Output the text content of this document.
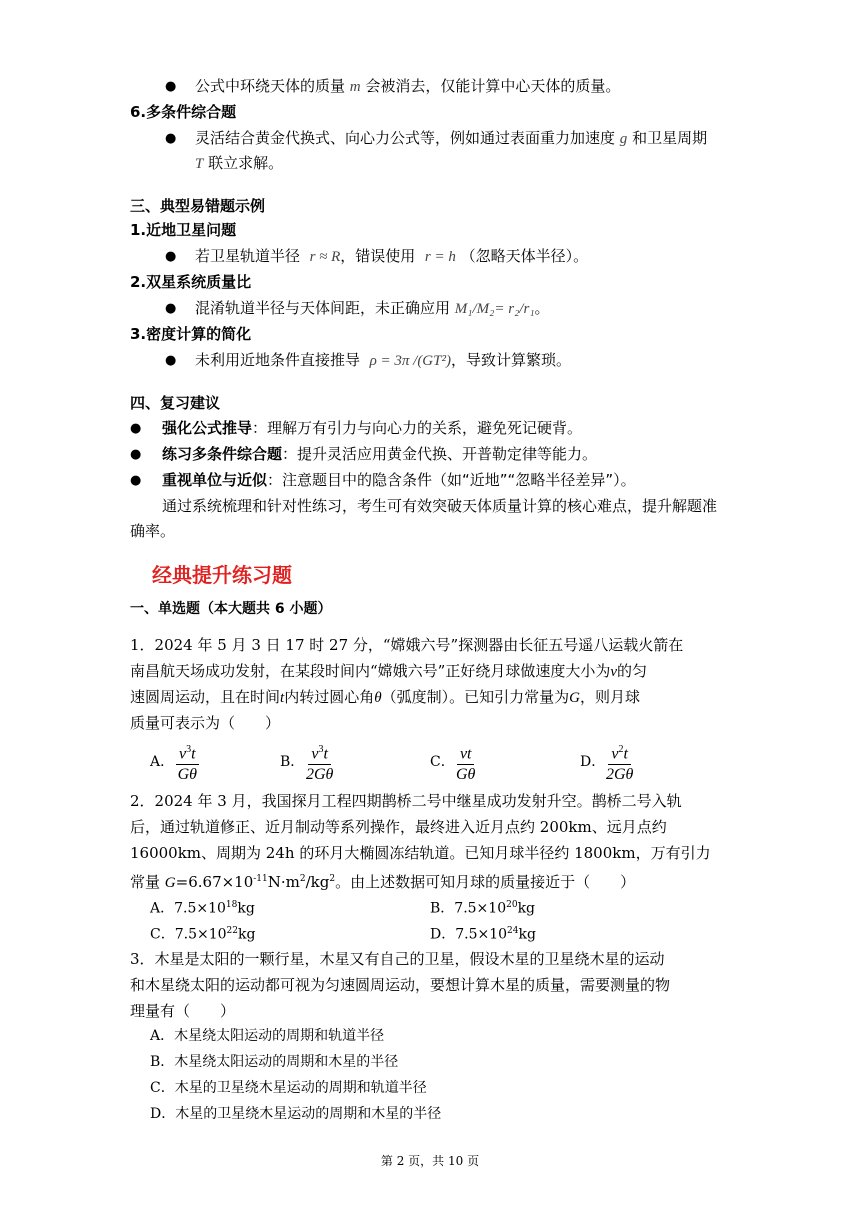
● 公式中环绕天体的质量 m 会被消去，仅能计算中心天体的质量。
6.多条件综合题
● 灵活结合黄金代换式、向心力公式等，例如通过表面重力加速度 g 和卫星周期
T 联立求解。
三、典型易错题示例
1.近地卫星问题
● 若卫星轨道半径 r ≈ R，错误使用 r = h （忽略天体半径）。
2.双星系统质量比
● 混淆轨道半径与天体间距，未正确应用 M₁/M₂= r₂/r₁。
3.密度计算的简化
● 未利用近地条件直接推导 ρ = 3π /(GT²)，导致计算繁琐。
四、复习建议
● 强化公式推导：理解万有引力与向心力的关系，避免死记硬背。
● 练习多条件综合题：提升灵活应用黄金代换、开普勒定律等能力。
● 重视单位与近似：注意题目中的隐含条件（如“近地”“忽略半径差异”）。
通过系统梳理和针对性练习，考生可有效突破天体质量计算的核心难点，提升解题准
确率。
经典提升练习题
一、单选题（本大题共 6 小题）
1．2024 年 5 月 3 日 17 时 27 分，“嫦娥六号”探测器由长征五号遥八运载火箭在
南昌航天场成功发射，在某段时间内“嫦娥六号”正好绕月球做速度大小为v的匀
速圆周运动，且在时间t内转过圆心角θ（弧度制）。已知引力常量为G，则月球
质量可表示为（　　）
A． $\frac{v^3t}{G\theta}$	B． $\frac{v^3t}{2G\theta}$	C． $\frac{vt}{G\theta}$	D． $\frac{v^2t}{2G\theta}$
2．2024 年 3 月，我国探月工程四期鹊桥二号中继星成功发射升空。鹊桥二号入轨
后，通过轨道修正、近月制动等系列操作，最终进入近月点约 200km、远月点约
16000km、周期为 24h 的环月大椭圆冻结轨道。已知月球半径约 1800km，万有引力
常量 $G=6.67\times 10^{-11}N\cdot m^2/kg^2$。由上述数据可知月球的质量接近于（　　）
A．$7.5\times 10^{18}kg$	B．$7.5\times 10^{20}kg$
C．$7.5\times 10^{22}kg$	D．$7.5\times 10^{24}kg$
3．木星是太阳的一颗行星，木星又有自己的卫星，假设木星的卫星绕木星的运动
和木星绕太阳的运动都可视为匀速圆周运动，要想计算木星的质量，需要测量的物
理量有（　　）
A．木星绕太阳运动的周期和轨道半径
B．木星绕太阳运动的周期和木星的半径
C．木星的卫星绕木星运动的周期和轨道半径
D．木星的卫星绕木星运动的周期和木星的半径
第 2 页，共 10 页
